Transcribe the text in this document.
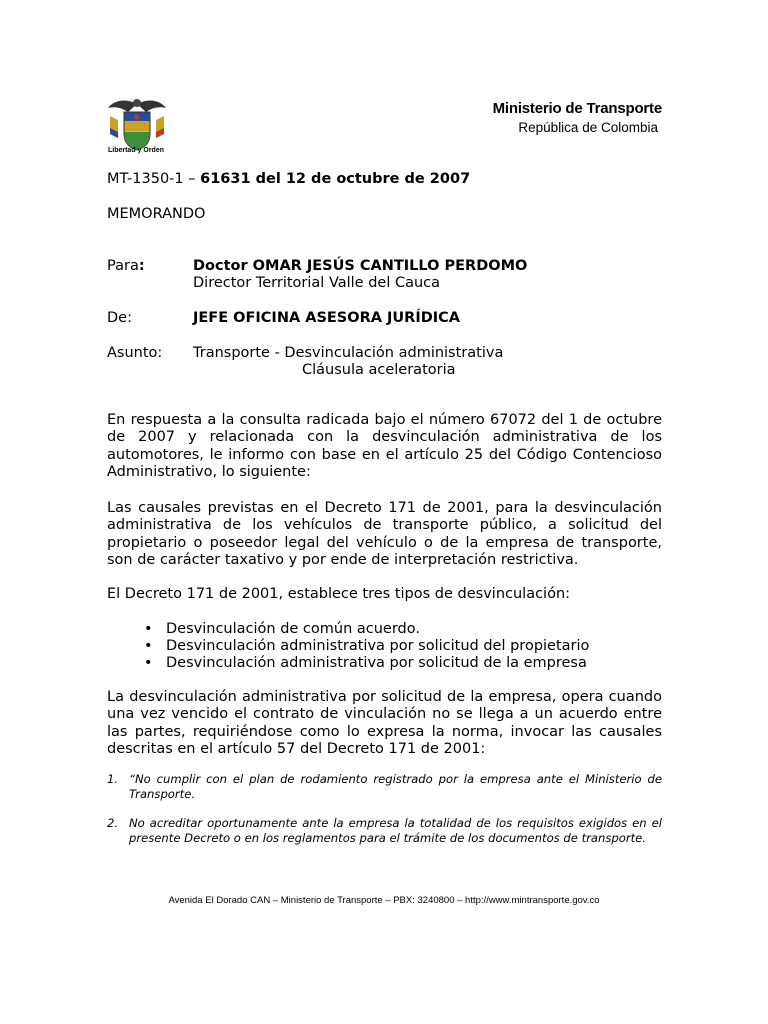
Libertad y Orden
Ministerio de Transporte
República de Colombia
MT-1350-1 – 61631 del 12 de octubre de 2007
MEMORANDO
Para:	Doctor OMAR JESÚS CANTILLO PERDOMO
Director Territorial Valle del Cauca
De:	JEFE OFICINA ASESORA JURÍDICA
Asunto: Transporte - Desvinculación administrativa
Cláusula aceleratoria
En respuesta a la consulta radicada bajo el número 67072 del 1 de octubre de 2007 y relacionada con la desvinculación administrativa de los automotores, le informo con base en el artículo 25 del Código Contencioso Administrativo, lo siguiente:
Las causales previstas en el Decreto 171 de 2001, para la desvinculación administrativa de los vehículos de transporte público, a solicitud del propietario o poseedor legal del vehículo o de la empresa de transporte, son de carácter taxativo y por ende de interpretación restrictiva.
El Decreto 171 de 2001, establece tres tipos de desvinculación:
• Desvinculación de común acuerdo.
• Desvinculación administrativa por solicitud del propietario
• Desvinculación administrativa por solicitud de la empresa
La desvinculación administrativa por solicitud de la empresa, opera cuando una vez vencido el contrato de vinculación no se llega a un acuerdo entre las partes, requiriéndose como lo expresa la norma, invocar las causales descritas en el artículo 57 del Decreto 171 de 2001:
1. “No cumplir con el plan de rodamiento registrado por la empresa ante el Ministerio de Transporte.
2. No acreditar oportunamente ante la empresa la totalidad de los requisitos exigidos en el presente Decreto o en los reglamentos para el trámite de los documentos de transporte.
Avenida El Dorado CAN – Ministerio de Transporte – PBX: 3240800 – http://www.mintransporte.gov.co
